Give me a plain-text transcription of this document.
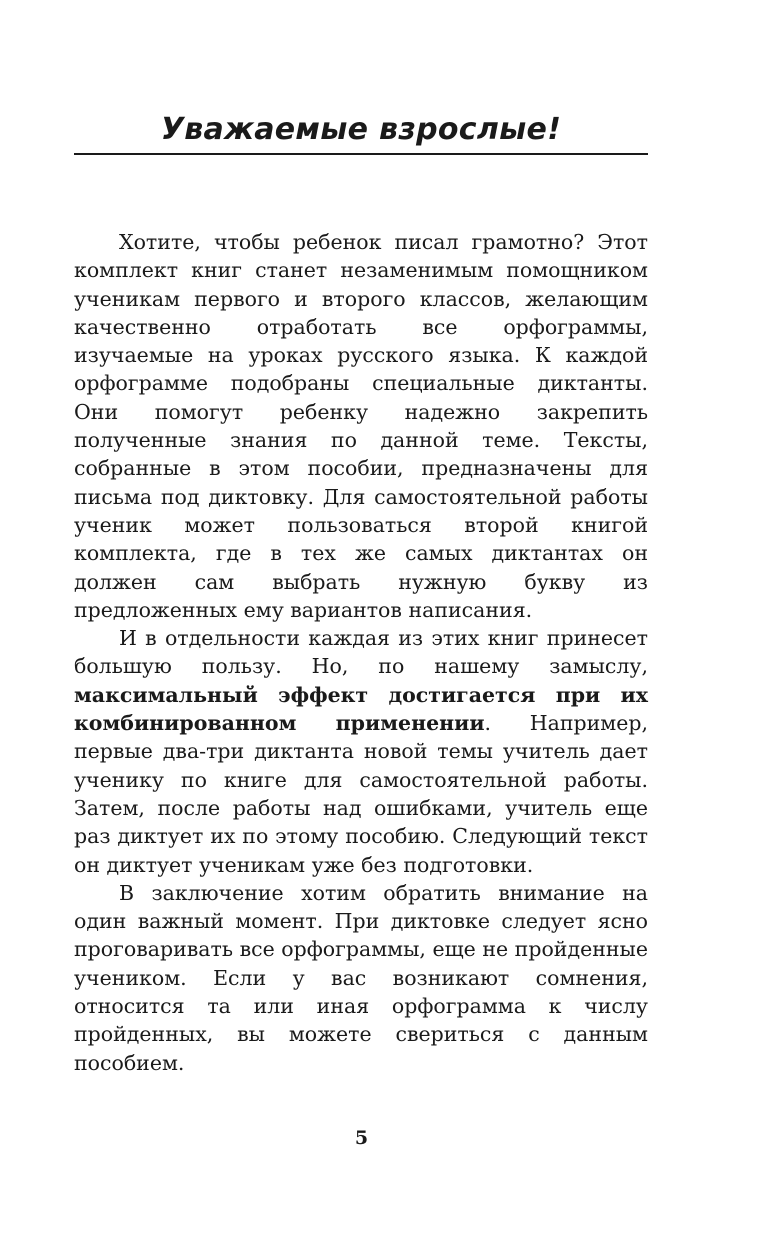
Уважаемые взрослые!

Хотите, чтобы ребенок писал грамотно? Этот комплект книг станет незаменимым помощником ученикам первого и второго классов, желающим качественно отработать все орфограммы, изучаемые на уроках русского языка. К каждой орфограмме подобраны специальные диктанты. Они помогут ребенку надежно закрепить полученные знания по данной теме. Тексты, собранные в этом пособии, предназначены для письма под диктовку. Для самостоятельной работы ученик может пользоваться второй книгой комплекта, где в тех же самых диктантах он должен сам выбрать нужную букву из предложенных ему вариантов написания.

И в отдельности каждая из этих книг принесет большую пользу. Но, по нашему замыслу, максимальный эффект достигается при их комбинированном применении. Например, первые два-три диктанта новой темы учитель дает ученику по книге для самостоятельной работы. Затем, после работы над ошибками, учитель еще раз диктует их по этому пособию. Следующий текст он диктует ученикам уже без подготовки.

В заключение хотим обратить внимание на один важный момент. При диктовке следует ясно проговаривать все орфограммы, еще не пройденные учеником. Если у вас возникают сомнения, относится та или иная орфограмма к числу пройденных, вы можете свериться с данным пособием.

5
